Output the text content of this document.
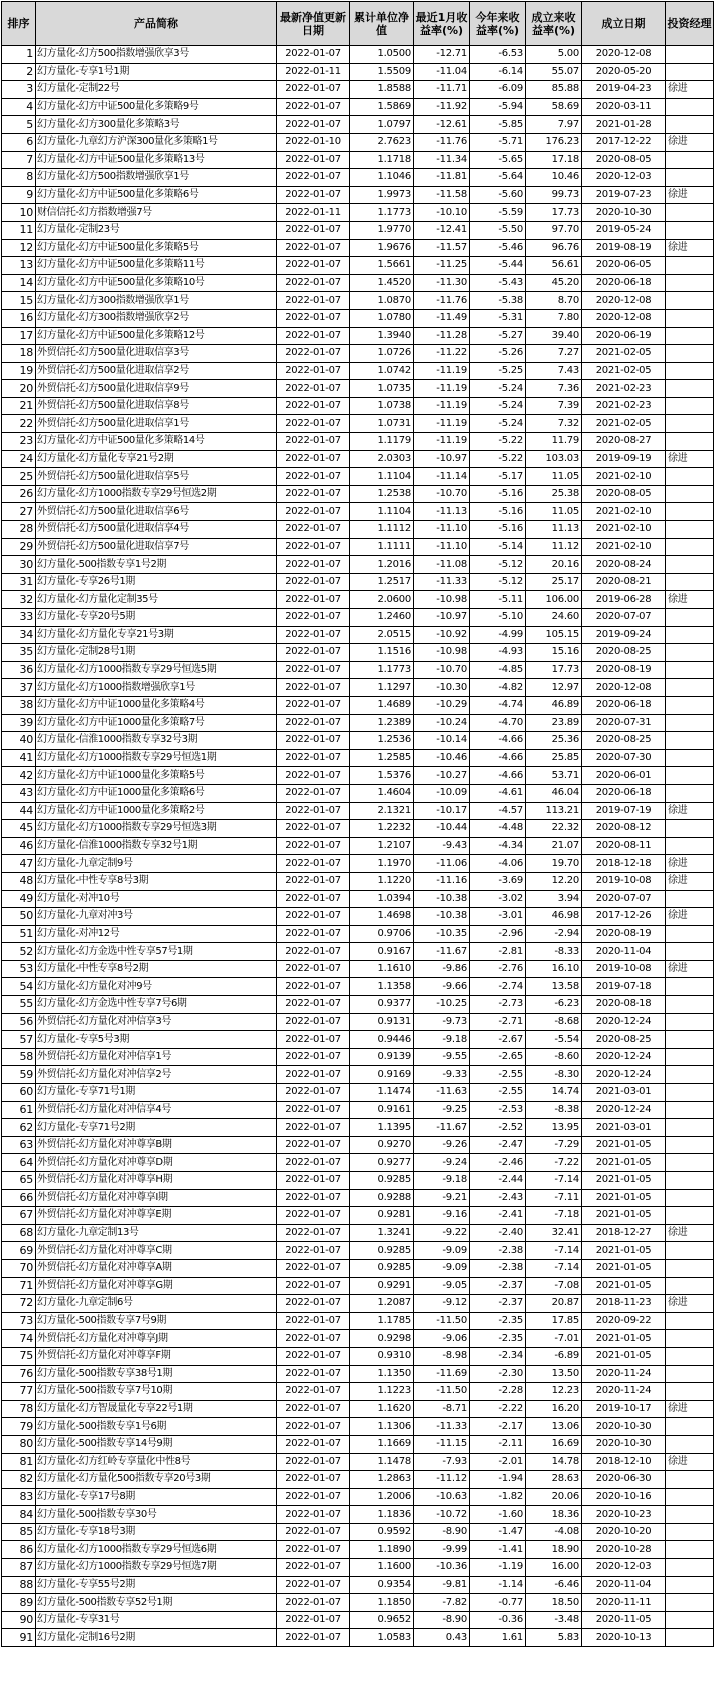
排序	产品简称	最新净值更新日期	累计单位净值	最近1月收益率(%)	今年来收益率(%)	成立来收益率(%)	成立日期	投资经理
1	幻方量化-幻方500指数增强欣享3号	2022-01-07	1.0500	-12.71	-6.53	5.00	2020-12-08	
2	幻方量化-专享1号1期	2022-01-11	1.5509	-11.04	-6.14	55.07	2020-05-20	
3	幻方量化-定制22号	2022-01-07	1.8588	-11.71	-6.09	85.88	2019-04-23	徐进
4	幻方量化-幻方中证500量化多策略9号	2022-01-07	1.5869	-11.92	-5.94	58.69	2020-03-11	
5	幻方量化-幻方300量化多策略3号	2022-01-07	1.0797	-12.61	-5.85	7.97	2021-01-28	
6	幻方量化-九章幻方沪深300量化多策略1号	2022-01-10	2.7623	-11.76	-5.71	176.23	2017-12-22	徐进
7	幻方量化-幻方中证500量化多策略13号	2022-01-07	1.1718	-11.34	-5.65	17.18	2020-08-05	
8	幻方量化-幻方500指数增强欣享1号	2022-01-07	1.1046	-11.81	-5.64	10.46	2020-12-03	
9	幻方量化-幻方中证500量化多策略6号	2022-01-07	1.9973	-11.58	-5.60	99.73	2019-07-23	徐进
10	财信信托-幻方指数增强7号	2022-01-11	1.1773	-10.10	-5.59	17.73	2020-10-30	
11	幻方量化-定制23号	2022-01-07	1.9770	-12.41	-5.50	97.70	2019-05-24	
12	幻方量化-幻方中证500量化多策略5号	2022-01-07	1.9676	-11.57	-5.46	96.76	2019-08-19	徐进
13	幻方量化-幻方中证500量化多策略11号	2022-01-07	1.5661	-11.25	-5.44	56.61	2020-06-05	
14	幻方量化-幻方中证500量化多策略10号	2022-01-07	1.4520	-11.30	-5.43	45.20	2020-06-18	
15	幻方量化-幻方300指数增强欣享1号	2022-01-07	1.0870	-11.76	-5.38	8.70	2020-12-08	
16	幻方量化-幻方300指数增强欣享2号	2022-01-07	1.0780	-11.49	-5.31	7.80	2020-12-08	
17	幻方量化-幻方中证500量化多策略12号	2022-01-07	1.3940	-11.28	-5.27	39.40	2020-06-19	
18	外贸信托-幻方500量化进取信享3号	2022-01-07	1.0726	-11.22	-5.26	7.27	2021-02-05	
19	外贸信托-幻方500量化进取信享2号	2022-01-07	1.0742	-11.19	-5.25	7.43	2021-02-05	
20	外贸信托-幻方500量化进取信享9号	2022-01-07	1.0735	-11.19	-5.24	7.36	2021-02-23	
21	外贸信托-幻方500量化进取信享8号	2022-01-07	1.0738	-11.19	-5.24	7.39	2021-02-23	
22	外贸信托-幻方500量化进取信享1号	2022-01-07	1.0731	-11.19	-5.24	7.32	2021-02-05	
23	幻方量化-幻方中证500量化多策略14号	2022-01-07	1.1179	-11.19	-5.22	11.79	2020-08-27	
24	幻方量化-幻方量化专享21号2期	2022-01-07	2.0303	-10.97	-5.22	103.03	2019-09-19	徐进
25	外贸信托-幻方500量化进取信享5号	2022-01-07	1.1104	-11.14	-5.17	11.05	2021-02-10	
26	幻方量化-幻方1000指数专享29号恒选2期	2022-01-07	1.2538	-10.70	-5.16	25.38	2020-08-05	
27	外贸信托-幻方500量化进取信享6号	2022-01-07	1.1104	-11.13	-5.16	11.05	2021-02-10	
28	外贸信托-幻方500量化进取信享4号	2022-01-07	1.1112	-11.10	-5.16	11.13	2021-02-10	
29	外贸信托-幻方500量化进取信享7号	2022-01-07	1.1111	-11.10	-5.14	11.12	2021-02-10	
30	幻方量化-500指数专享1号2期	2022-01-07	1.2016	-11.08	-5.12	20.16	2020-08-24	
31	幻方量化-专享26号1期	2022-01-07	1.2517	-11.33	-5.12	25.17	2020-08-21	
32	幻方量化-幻方量化定制35号	2022-01-07	2.0600	-10.98	-5.11	106.00	2019-06-28	徐进
33	幻方量化-专享20号5期	2022-01-07	1.2460	-10.97	-5.10	24.60	2020-07-07	
34	幻方量化-幻方量化专享21号3期	2022-01-07	2.0515	-10.92	-4.99	105.15	2019-09-24	
35	幻方量化-定制28号1期	2022-01-07	1.1516	-10.98	-4.93	15.16	2020-08-25	
36	幻方量化-幻方1000指数专享29号恒选5期	2022-01-07	1.1773	-10.70	-4.85	17.73	2020-08-19	
37	幻方量化-幻方1000指数增强欣享1号	2022-01-07	1.1297	-10.30	-4.82	12.97	2020-12-08	
38	幻方量化-幻方中证1000量化多策略4号	2022-01-07	1.4689	-10.29	-4.74	46.89	2020-06-18	
39	幻方量化-幻方中证1000量化多策略7号	2022-01-07	1.2389	-10.24	-4.70	23.89	2020-07-31	
40	幻方量化-信淮1000指数专享32号3期	2022-01-07	1.2536	-10.14	-4.66	25.36	2020-08-25	
41	幻方量化-幻方1000指数专享29号恒选1期	2022-01-07	1.2585	-10.46	-4.66	25.85	2020-07-30	
42	幻方量化-幻方中证1000量化多策略5号	2022-01-07	1.5376	-10.27	-4.66	53.71	2020-06-01	
43	幻方量化-幻方中证1000量化多策略6号	2022-01-07	1.4604	-10.09	-4.61	46.04	2020-06-18	
44	幻方量化-幻方中证1000量化多策略2号	2022-01-07	2.1321	-10.17	-4.57	113.21	2019-07-19	徐进
45	幻方量化-幻方1000指数专享29号恒选3期	2022-01-07	1.2232	-10.44	-4.48	22.32	2020-08-12	
46	幻方量化-信淮1000指数专享32号1期	2022-01-07	1.2107	-9.43	-4.34	21.07	2020-08-11	
47	幻方量化-九章定制9号	2022-01-07	1.1970	-11.06	-4.06	19.70	2018-12-18	徐进
48	幻方量化-中性专享8号3期	2022-01-07	1.1220	-11.16	-3.69	12.20	2019-10-08	徐进
49	幻方量化-对冲10号	2022-01-07	1.0394	-10.38	-3.02	3.94	2020-07-07	
50	幻方量化-九章对冲3号	2022-01-07	1.4698	-10.38	-3.01	46.98	2017-12-26	徐进
51	幻方量化-对冲12号	2022-01-07	0.9706	-10.35	-2.96	-2.94	2020-08-19	
52	幻方量化-幻方金选中性专享57号1期	2022-01-07	0.9167	-11.67	-2.81	-8.33	2020-11-04	
53	幻方量化-中性专享8号2期	2022-01-07	1.1610	-9.86	-2.76	16.10	2019-10-08	徐进
54	幻方量化-幻方量化对冲9号	2022-01-07	1.1358	-9.66	-2.74	13.58	2019-07-18	
55	幻方量化-幻方金选中性专享7号6期	2022-01-07	0.9377	-10.25	-2.73	-6.23	2020-08-18	
56	外贸信托-幻方量化对冲信享3号	2022-01-07	0.9131	-9.73	-2.71	-8.68	2020-12-24	
57	幻方量化-专享5号3期	2022-01-07	0.9446	-9.18	-2.67	-5.54	2020-08-25	
58	外贸信托-幻方量化对冲信享1号	2022-01-07	0.9139	-9.55	-2.65	-8.60	2020-12-24	
59	外贸信托-幻方量化对冲信享2号	2022-01-07	0.9169	-9.33	-2.55	-8.30	2020-12-24	
60	幻方量化-专享71号1期	2022-01-07	1.1474	-11.63	-2.55	14.74	2021-03-01	
61	外贸信托-幻方量化对冲信享4号	2022-01-07	0.9161	-9.25	-2.53	-8.38	2020-12-24	
62	幻方量化-专享71号2期	2022-01-07	1.1395	-11.67	-2.52	13.95	2021-03-01	
63	外贸信托-幻方量化对冲尊享B期	2022-01-07	0.9270	-9.26	-2.47	-7.29	2021-01-05	
64	外贸信托-幻方量化对冲尊享D期	2022-01-07	0.9277	-9.24	-2.46	-7.22	2021-01-05	
65	外贸信托-幻方量化对冲尊享H期	2022-01-07	0.9285	-9.18	-2.44	-7.14	2021-01-05	
66	外贸信托-幻方量化对冲尊享I期	2022-01-07	0.9288	-9.21	-2.43	-7.11	2021-01-05	
67	外贸信托-幻方量化对冲尊享E期	2022-01-07	0.9281	-9.16	-2.41	-7.18	2021-01-05	
68	幻方量化-九章定制13号	2022-01-07	1.3241	-9.22	-2.40	32.41	2018-12-27	徐进
69	外贸信托-幻方量化对冲尊享C期	2022-01-07	0.9285	-9.09	-2.38	-7.14	2021-01-05	
70	外贸信托-幻方量化对冲尊享A期	2022-01-07	0.9285	-9.09	-2.38	-7.14	2021-01-05	
71	外贸信托-幻方量化对冲尊享G期	2022-01-07	0.9291	-9.05	-2.37	-7.08	2021-01-05	
72	幻方量化-九章定制6号	2022-01-07	1.2087	-9.12	-2.37	20.87	2018-11-23	徐进
73	幻方量化-500指数专享7号9期	2022-01-07	1.1785	-11.50	-2.35	17.85	2020-09-22	
74	外贸信托-幻方量化对冲尊享J期	2022-01-07	0.9298	-9.06	-2.35	-7.01	2021-01-05	
75	外贸信托-幻方量化对冲尊享F期	2022-01-07	0.9310	-8.98	-2.34	-6.89	2021-01-05	
76	幻方量化-500指数专享38号1期	2022-01-07	1.1350	-11.69	-2.30	13.50	2020-11-24	
77	幻方量化-500指数专享7号10期	2022-01-07	1.1223	-11.50	-2.28	12.23	2020-11-24	
78	幻方量化-幻方智晟量化专享22号1期	2022-01-07	1.1620	-8.71	-2.22	16.20	2019-10-17	徐进
79	幻方量化-500指数专享1号6期	2022-01-07	1.1306	-11.33	-2.17	13.06	2020-10-30	
80	幻方量化-500指数专享14号9期	2022-01-07	1.1669	-11.15	-2.11	16.69	2020-10-30	
81	幻方量化-幻方红岭专享量化中性8号	2022-01-07	1.1478	-7.93	-2.01	14.78	2018-12-10	徐进
82	幻方量化-幻方量化500指数专享20号3期	2022-01-07	1.2863	-11.12	-1.94	28.63	2020-06-30	
83	幻方量化-专享17号8期	2022-01-07	1.2006	-10.63	-1.82	20.06	2020-10-16	
84	幻方量化-500指数专享30号	2022-01-07	1.1836	-10.72	-1.60	18.36	2020-10-23	
85	幻方量化-专享18号3期	2022-01-07	0.9592	-8.90	-1.47	-4.08	2020-10-20	
86	幻方量化-幻方1000指数专享29号恒选6期	2022-01-07	1.1890	-9.99	-1.41	18.90	2020-10-28	
87	幻方量化-幻方1000指数专享29号恒选7期	2022-01-07	1.1600	-10.36	-1.19	16.00	2020-12-03	
88	幻方量化-专享55号2期	2022-01-07	0.9354	-9.81	-1.14	-6.46	2020-11-04	
89	幻方量化-500指数专享52号1期	2022-01-07	1.1850	-7.82	-0.77	18.50	2020-11-11	
90	幻方量化-专享31号	2022-01-07	0.9652	-8.90	-0.36	-3.48	2020-11-05	
91	幻方量化-定制16号2期	2022-01-07	1.0583	0.43	1.61	5.83	2020-10-13	
